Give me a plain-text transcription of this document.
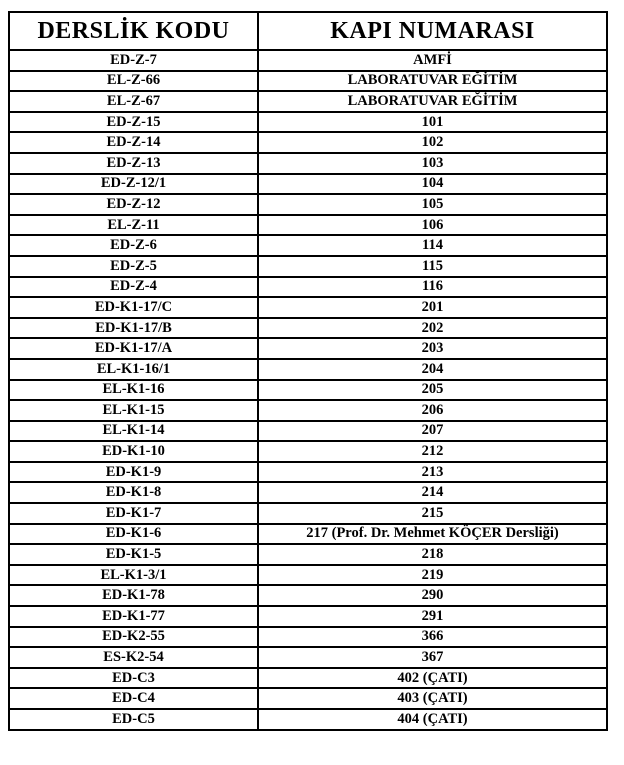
DERSLİK KODU	KAPI NUMARASI
ED-Z-7	AMFİ
EL-Z-66	LABORATUVAR EĞİTİM
EL-Z-67	LABORATUVAR EĞİTİM
ED-Z-15	101
ED-Z-14	102
ED-Z-13	103
ED-Z-12/1	104
ED-Z-12	105
EL-Z-11	106
ED-Z-6	114
ED-Z-5	115
ED-Z-4	116
ED-K1-17/C	201
ED-K1-17/B	202
ED-K1-17/A	203
EL-K1-16/1	204
EL-K1-16	205
EL-K1-15	206
EL-K1-14	207
ED-K1-10	212
ED-K1-9	213
ED-K1-8	214
ED-K1-7	215
ED-K1-6	217 (Prof. Dr. Mehmet KÖÇER Dersliği)
ED-K1-5	218
EL-K1-3/1	219
ED-K1-78	290
ED-K1-77	291
ED-K2-55	366
ES-K2-54	367
ED-C3	402 (ÇATI)
ED-C4	403 (ÇATI)
ED-C5	404 (ÇATI)
